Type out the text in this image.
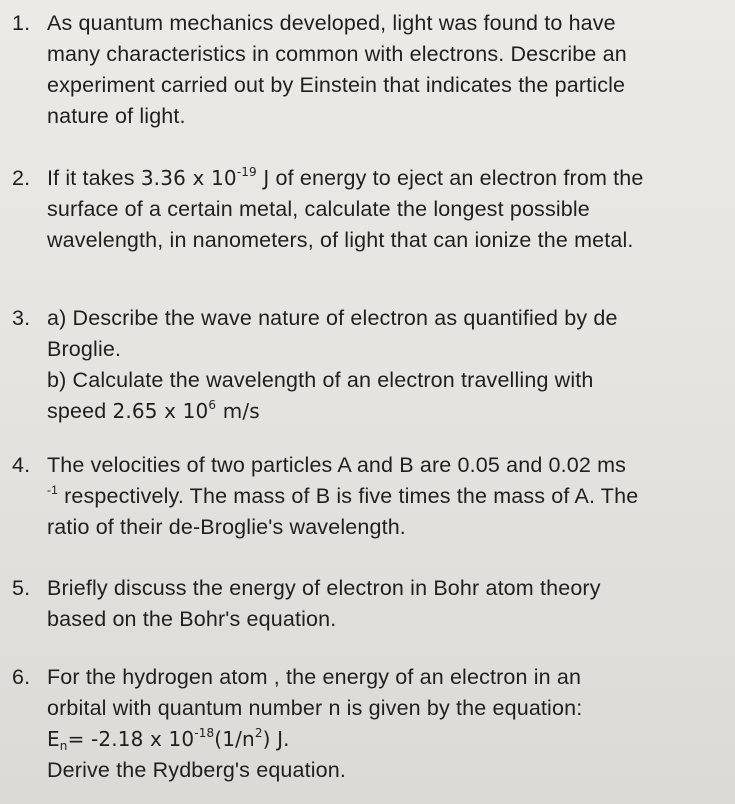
1. As quantum mechanics developed, light was found to have
many characteristics in common with electrons. Describe an
experiment carried out by Einstein that indicates the particle
nature of light.
2. If it takes 3.36 x $10^{-19}$ J of energy to eject an electron from the
surface of a certain metal, calculate the longest possible
wavelength, in nanometers, of light that can ionize the metal.
3. a) Describe the wave nature of electron as quantified by de
Broglie.
b) Calculate the wavelength of an electron travelling with
speed 2.65 x $10^6$ m/s
4. The velocities of two particles A and B are 0.05 and 0.02 ms
$^{-1}$ respectively. The mass of B is five times the mass of A. The
ratio of their de-Broglie's wavelength.
5. Briefly discuss the energy of electron in Bohr atom theory
based on the Bohr's equation.
6. For the hydrogen atom , the energy of an electron in an
orbital with quantum number n is given by the equation:
$E_n= -2.18$ x $10^{-18}(1/n^2)$ J.
Derive the Rydberg's equation.
